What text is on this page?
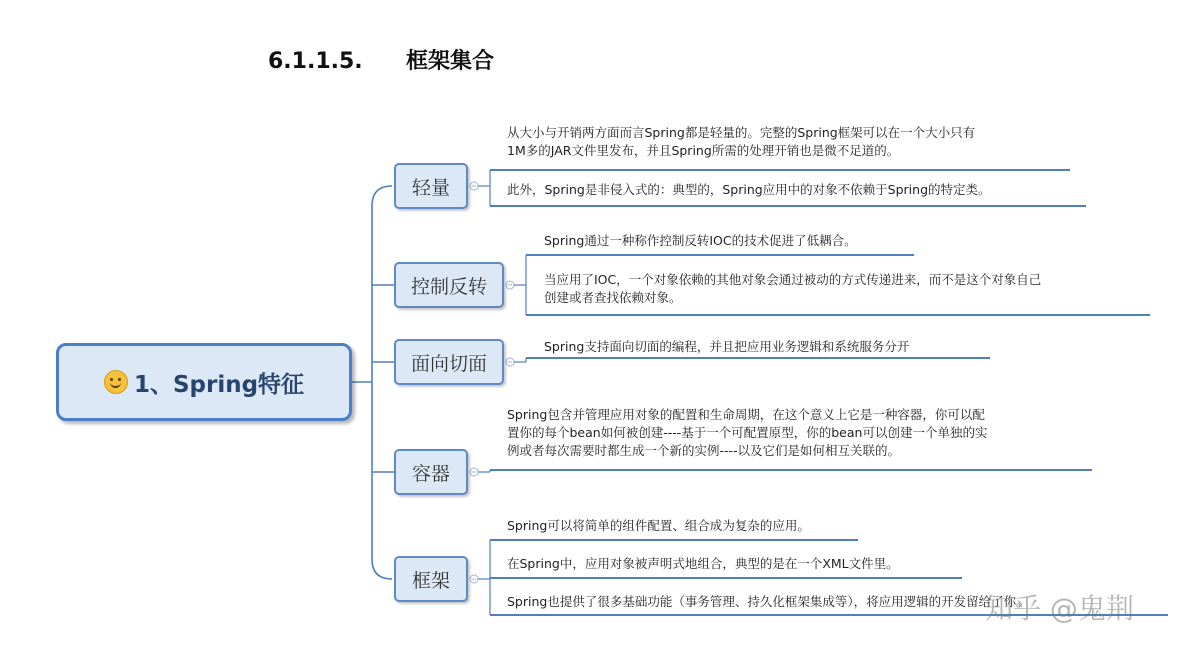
6.1.1.5. 框架集合
1、Spring特征
轻量
控制反转
面向切面
容器
框架
从大小与开销两方面而言Spring都是轻量的。完整的Spring框架可以在一个大小只有
1M多的JAR文件里发布，并且Spring所需的处理开销也是微不足道的。
此外，Spring是非侵入式的：典型的，Spring应用中的对象不依赖于Spring的特定类。
Spring通过一种称作控制反转IOC的技术促进了低耦合。
当应用了IOC，一个对象依赖的其他对象会通过被动的方式传递进来，而不是这个对象自己
创建或者查找依赖对象。
Spring支持面向切面的编程，并且把应用业务逻辑和系统服务分开
Spring包含并管理应用对象的配置和生命周期，在这个意义上它是一种容器，你可以配
置你的每个bean如何被创建----基于一个可配置原型，你的bean可以创建一个单独的实
例或者每次需要时都生成一个新的实例----以及它们是如何相互关联的。
Spring可以将简单的组件配置、组合成为复杂的应用。
在Spring中，应用对象被声明式地组合，典型的是在一个XML文件里。
Spring也提供了很多基础功能（事务管理、持久化框架集成等），将应用逻辑的开发留给了你。
知乎 @鬼荆
